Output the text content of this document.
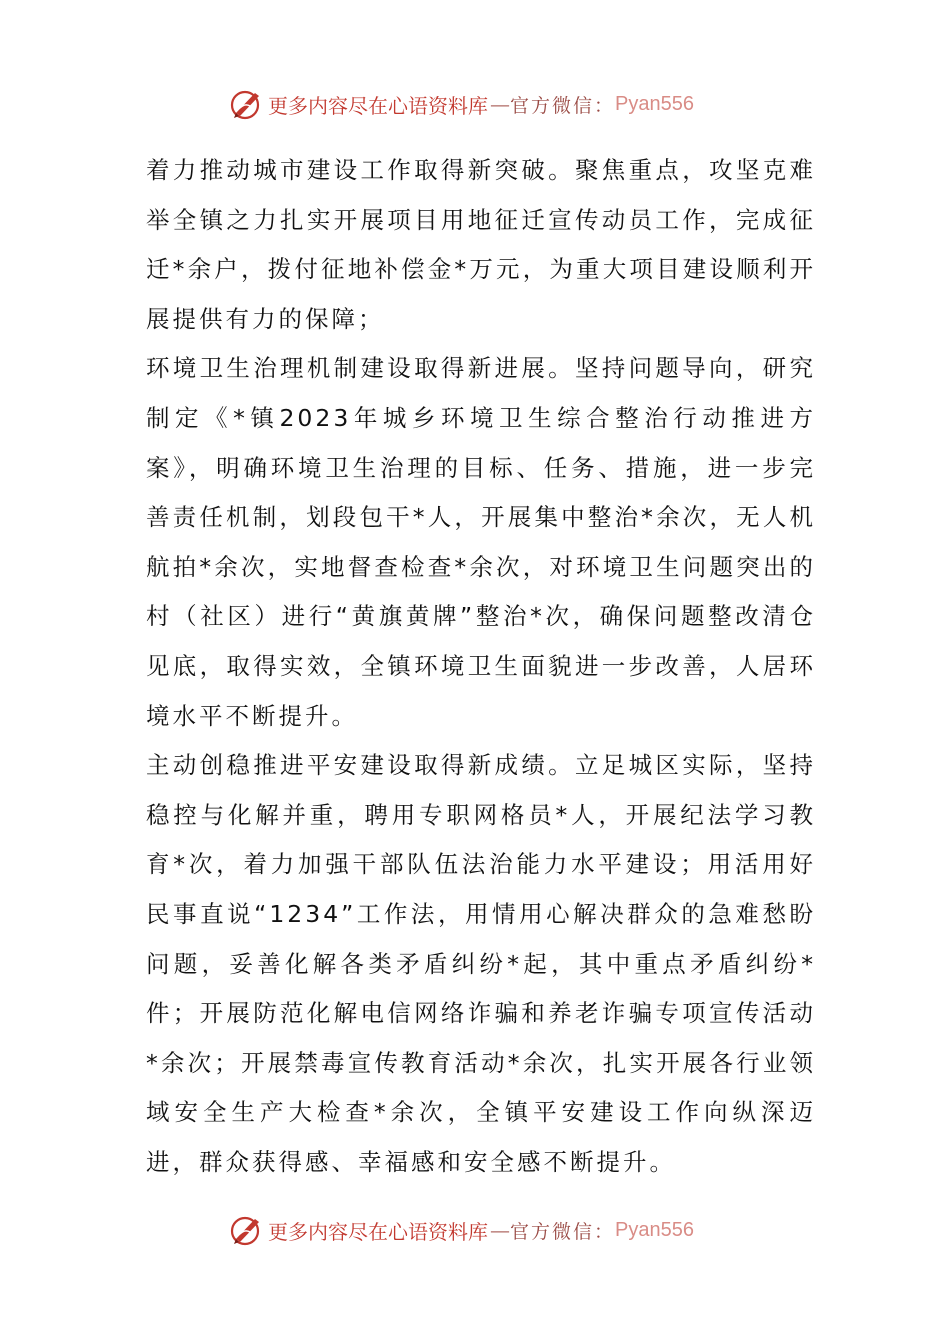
更多内容尽在心语资料库 — 官方微信： Pyan556

着力推动城市建设工作取得新突破。聚焦重点，攻坚克难举全镇之力扎实开展项目用地征迁宣传动员工作，完成征迁*余户，拨付征地补偿金*万元，为重大项目建设顺利开展提供有力的保障；

环境卫生治理机制建设取得新进展。坚持问题导向，研究制定《*镇2023年城乡环境卫生综合整治行动推进方案》，明确环境卫生治理的目标、任务、措施，进一步完善责任机制，划段包干*人，开展集中整治*余次，无人机航拍*余次，实地督查检查*余次，对环境卫生问题突出的村（社区）进行“黄旗黄牌”整治*次，确保问题整改清仓见底，取得实效，全镇环境卫生面貌进一步改善，人居环境水平不断提升。

主动创稳推进平安建设取得新成绩。立足城区实际，坚持稳控与化解并重，聘用专职网格员*人，开展纪法学习教育*次，着力加强干部队伍法治能力水平建设；用活用好民事直说“1234”工作法，用情用心解决群众的急难愁盼问题，妥善化解各类矛盾纠纷*起，其中重点矛盾纠纷*件；开展防范化解电信网络诈骗和养老诈骗专项宣传活动*余次；开展禁毒宣传教育活动*余次，扎实开展各行业领域安全生产大检查*余次，全镇平安建设工作向纵深迈进，群众获得感、幸福感和安全感不断提升。

更多内容尽在心语资料库 — 官方微信： Pyan556
